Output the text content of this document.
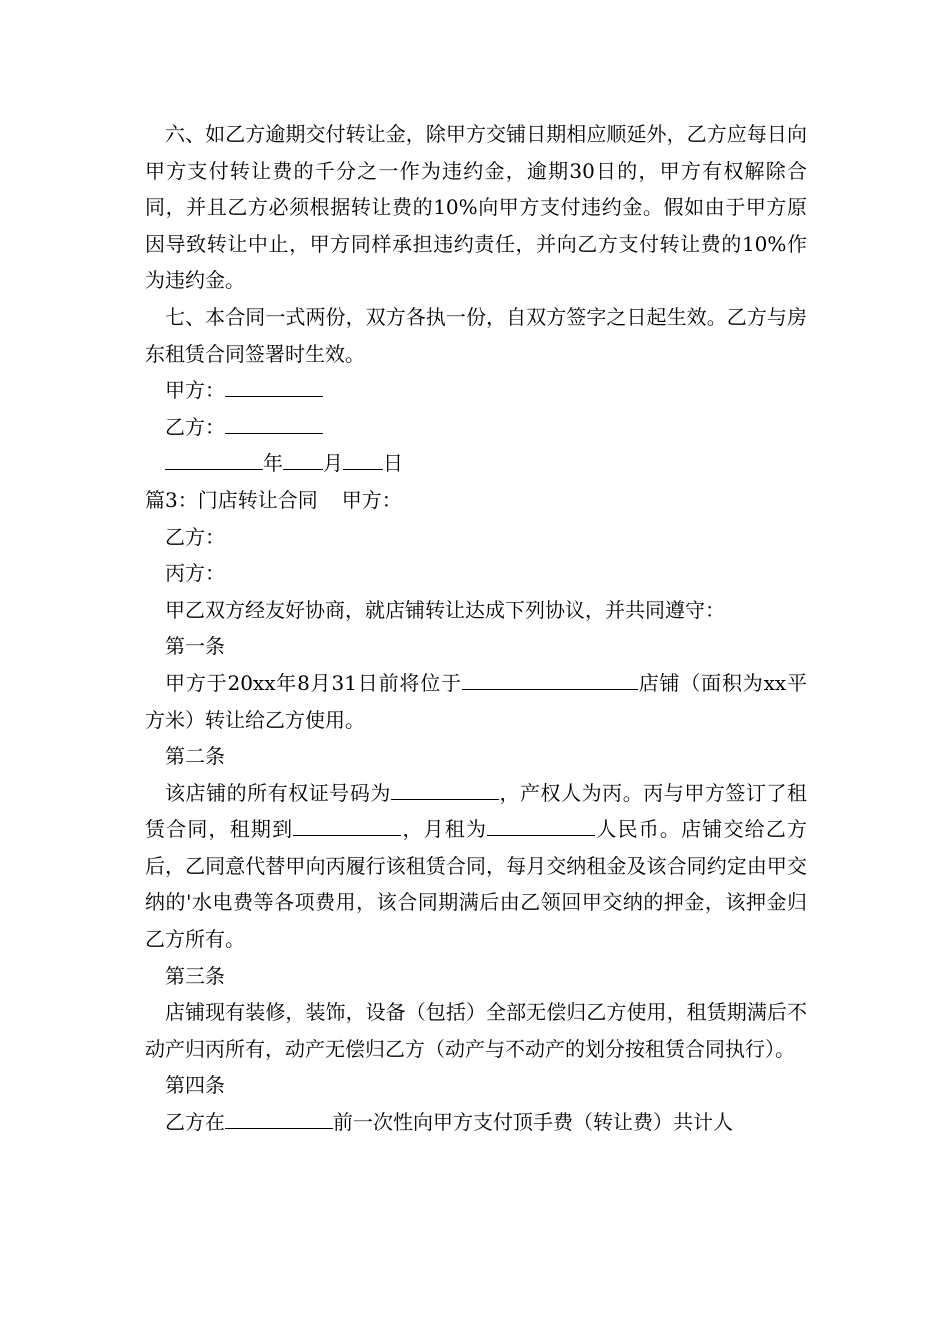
六、如乙方逾期交付转让金，除甲方交铺日期相应顺延外，乙方应每日向甲方支付转让费的千分之一作为违约金，逾期30日的，甲方有权解除合同，并且乙方必须根据转让费的10%向甲方支付违约金。假如由于甲方原因导致转让中止，甲方同样承担违约责任，并向乙方支付转让费的10%作为违约金。

七、本合同一式两份，双方各执一份，自双方签字之日起生效。乙方与房东租赁合同签署时生效。

甲方：

乙方：

年 月 日

篇3：门店转让合同 甲方：

乙方：

丙方：

甲乙双方经友好协商，就店铺转让达成下列协议，并共同遵守：

第一条

甲方于20xx年8月31日前将位于	店铺（面积为xx平方米）转让给乙方使用。

第二条

该店铺的所有权证号码为	，产权人为丙。丙与甲方签订了租赁合同，租期到	，月租为	人民币。店铺交给乙方后，乙同意代替甲向丙履行该租赁合同，每月交纳租金及该合同约定由甲交纳的'水电费等各项费用，该合同期满后由乙领回甲交纳的押金，该押金归乙方所有。

第三条

店铺现有装修，装饰，设备（包括）全部无偿归乙方使用，租赁期满后不动产归丙所有，动产无偿归乙方（动产与不动产的划分按租赁合同执行）。

第四条

乙方在	前一次性向甲方支付顶手费（转让费）共计人
